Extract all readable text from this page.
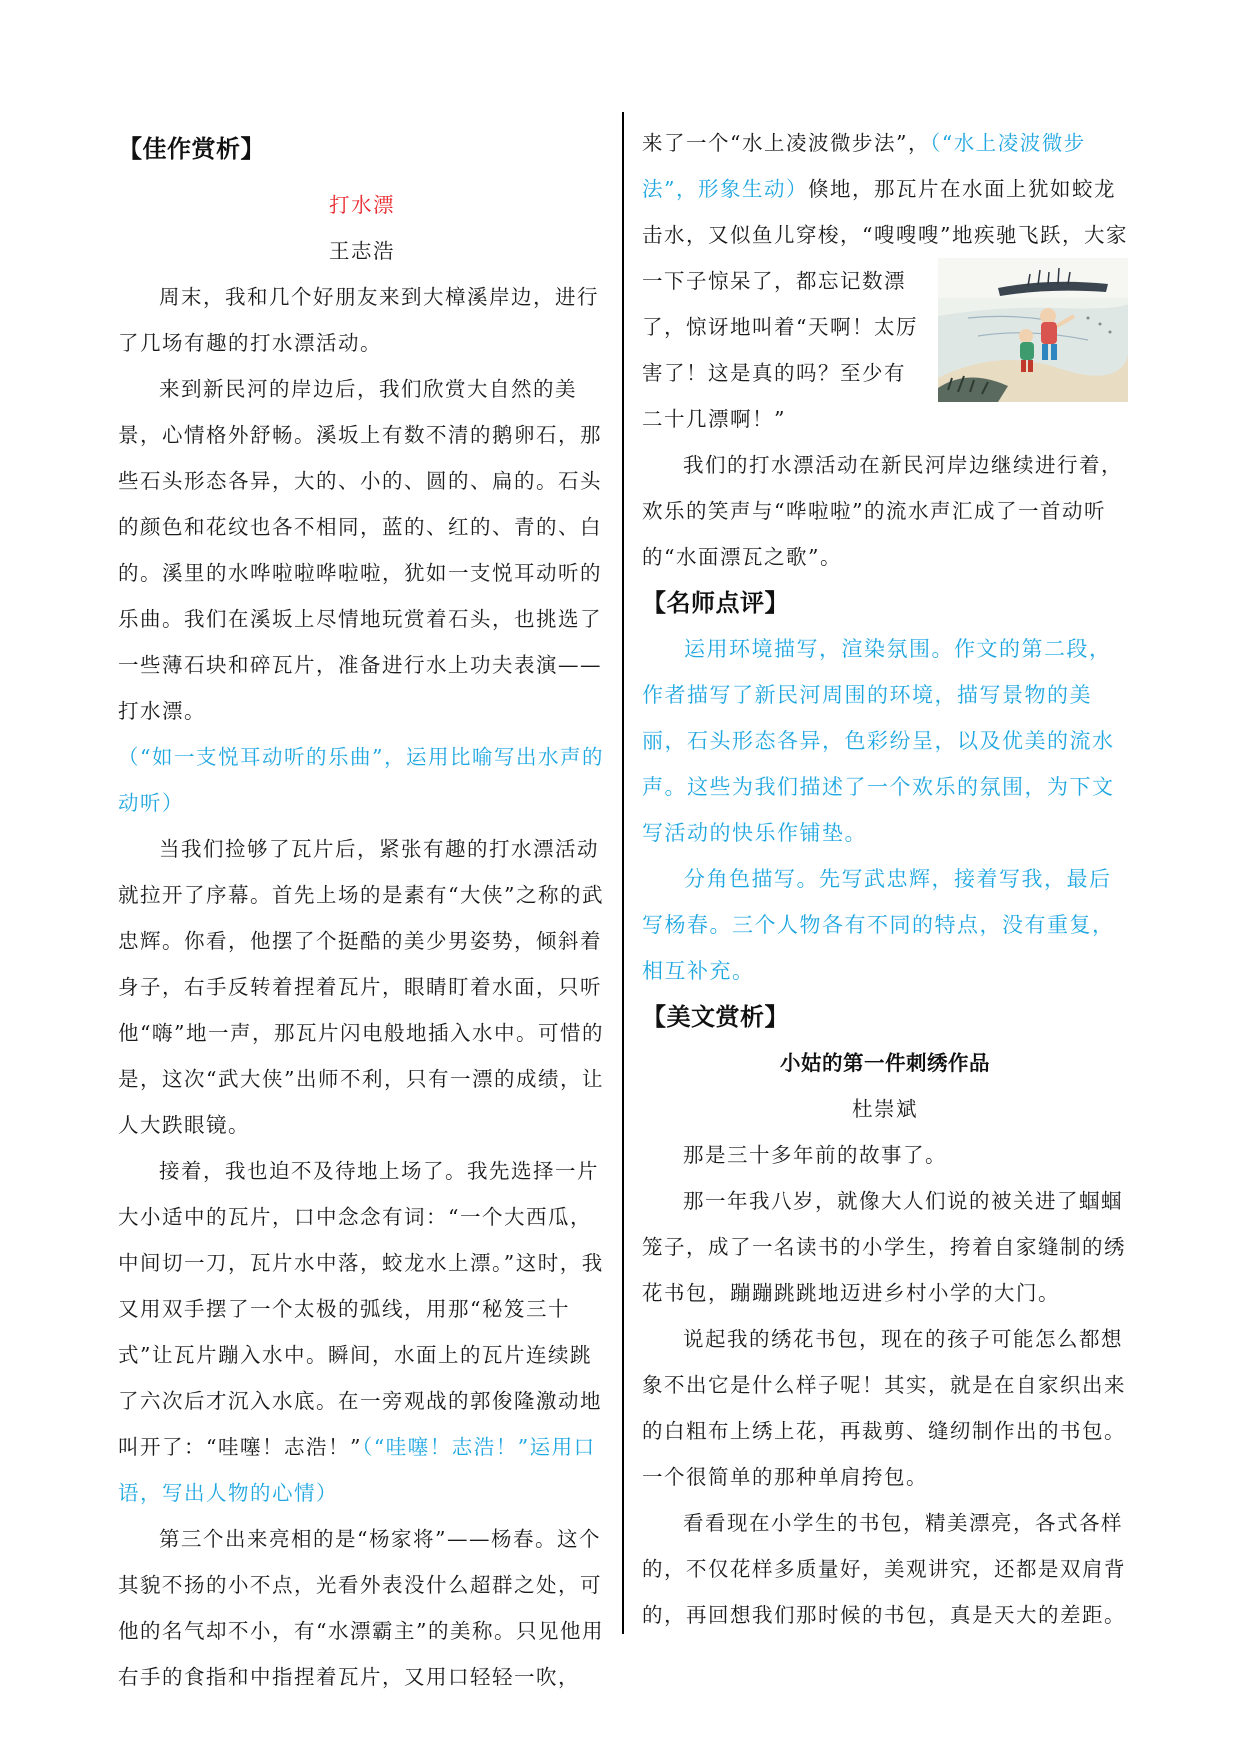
【佳作赏析】
打水漂
王志浩

周末，我和几个好朋友来到大樟溪岸边，进行了几场有趣的打水漂活动。

来到新民河的岸边后，我们欣赏大自然的美景，心情格外舒畅。溪坂上有数不清的鹅卵石，那些石头形态各异，大的、小的、圆的、扁的。石头的颜色和花纹也各不相同，蓝的、红的、青的、白的。溪里的水哗啦啦哗啦啦，犹如一支悦耳动听的乐曲。我们在溪坂上尽情地玩赏着石头，也挑选了一些薄石块和碎瓦片，准备进行水上功夫表演——打水漂。

（“如一支悦耳动听的乐曲”，运用比喻写出水声的动听）

当我们捡够了瓦片后，紧张有趣的打水漂活动就拉开了序幕。首先上场的是素有“大侠”之称的武忠辉。你看，他摆了个挺酷的美少男姿势，倾斜着身子，右手反转着捏着瓦片，眼睛盯着水面，只听他“嗨”地一声，那瓦片闪电般地插入水中。可惜的是，这次“武大侠”出师不利，只有一漂的成绩，让人大跌眼镜。

接着，我也迫不及待地上场了。我先选择一片大小适中的瓦片，口中念念有词：“一个大西瓜，中间切一刀，瓦片水中落，蛟龙水上漂。”这时，我又用双手摆了一个太极的弧线，用那“秘笈三十式”让瓦片蹦入水中。瞬间，水面上的瓦片连续跳了六次后才沉入水底。在一旁观战的郭俊隆激动地叫开了：“哇噻！志浩！”（“哇噻！志浩！”运用口语，写出人物的心情）

第三个出来亮相的是“杨家将”——杨春。这个其貌不扬的小不点，光看外表没什么超群之处，可他的名气却不小，有“水漂霸主”的美称。只见他用右手的食指和中指捏着瓦片，又用口轻轻一吹，

来了一个“水上凌波微步法”，（“水上凌波微步法”，形象生动）倏地，那瓦片在水面上犹如蛟龙击水，又似鱼儿穿梭，“嗖嗖嗖”地疾驰飞跃，大家一下子惊呆了，都忘记数漂了，惊讶地叫着“天啊！太厉害了！这是真的吗？至少有二十几漂啊！”

我们的打水漂活动在新民河岸边继续进行着，欢乐的笑声与“哗啦啦”的流水声汇成了一首动听的“水面漂瓦之歌”。

【名师点评】

运用环境描写，渲染氛围。作文的第二段，作者描写了新民河周围的环境，描写景物的美丽，石头形态各异，色彩纷呈，以及优美的流水声。这些为我们描述了一个欢乐的氛围，为下文写活动的快乐作铺垫。

分角色描写。先写武忠辉，接着写我，最后写杨春。三个人物各有不同的特点，没有重复，相互补充。

【美文赏析】
小姑的第一件刺绣作品
杜崇斌

那是三十多年前的故事了。

那一年我八岁，就像大人们说的被关进了蝈蝈笼子，成了一名读书的小学生，挎着自家缝制的绣花书包，蹦蹦跳跳地迈进乡村小学的大门。

说起我的绣花书包，现在的孩子可能怎么都想象不出它是什么样子呢！其实，就是在自家织出来的白粗布上绣上花，再裁剪、缝纫制作出的书包。一个很简单的那种单肩挎包。

看看现在小学生的书包，精美漂亮，各式各样的，不仅花样多质量好，美观讲究，还都是双肩背的，再回想我们那时候的书包，真是天大的差距。
